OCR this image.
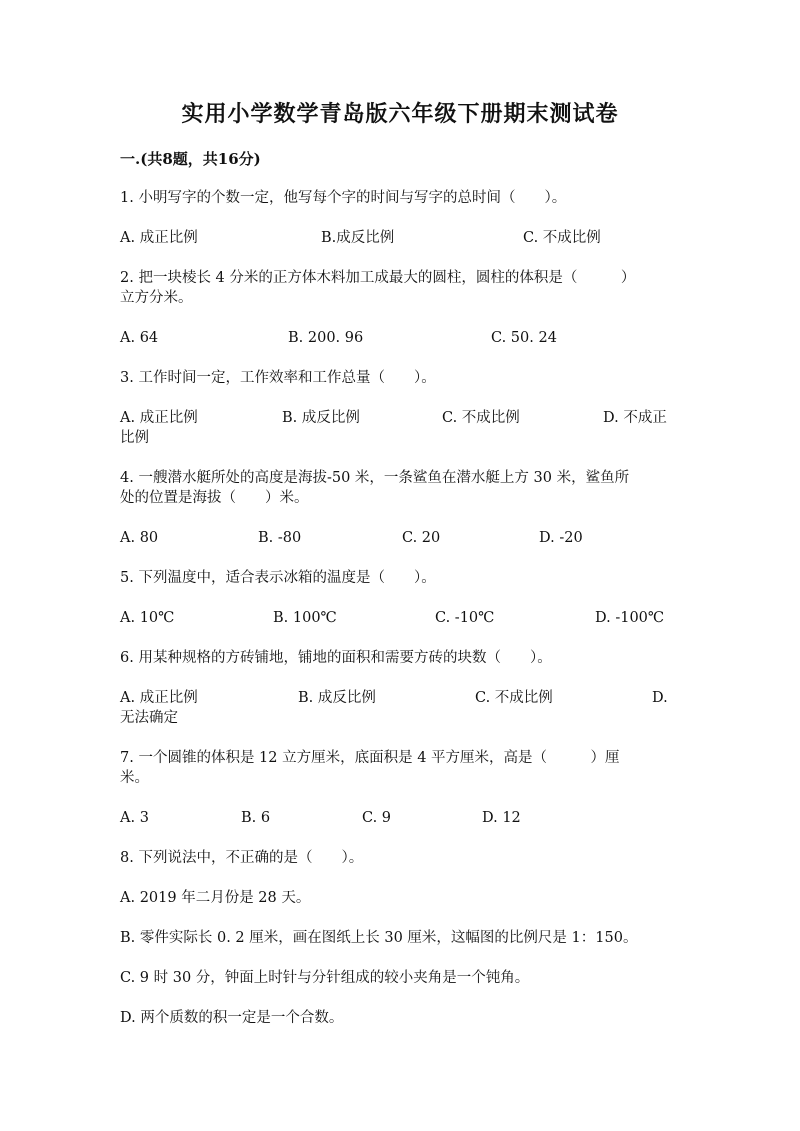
实用小学数学青岛版六年级下册期末测试卷
一.(共8题，共16分)
1. 小明写字的个数一定，他写每个字的时间与写字的总时间（　　）。
A. 成正比例	B.成反比例	C. 不成比例
2. 把一块棱长 4 分米的正方体木料加工成最大的圆柱，圆柱的体积是（　　　）
立方分米。
A. 64	B. 200. 96	C. 50. 24
3. 工作时间一定，工作效率和工作总量（　　）。
A. 成正比例	B. 成反比例	C. 不成比例	D. 不成正
比例
4. 一艘潜水艇所处的高度是海拔-50 米，一条鲨鱼在潜水艇上方 30 米，鲨鱼所
处的位置是海拔（　　）米。
A. 80	B. -80	C. 20	D. -20
5. 下列温度中，适合表示冰箱的温度是（　　）。
A. 10℃	B. 100℃	C. -10℃	D. -100℃
6. 用某种规格的方砖铺地，铺地的面积和需要方砖的块数（　　）。
A. 成正比例	B. 成反比例	C. 不成比例	D.
无法确定
7. 一个圆锥的体积是 12 立方厘米，底面积是 4 平方厘米，高是（　　　）厘
米。
A. 3	B. 6	C. 9	D. 12
8. 下列说法中，不正确的是（　　）。
A. 2019 年二月份是 28 天。
B. 零件实际长 0. 2 厘米，画在图纸上长 30 厘米，这幅图的比例尺是 1：150。
C. 9 时 30 分，钟面上时针与分针组成的较小夹角是一个钝角。
D. 两个质数的积一定是一个合数。
